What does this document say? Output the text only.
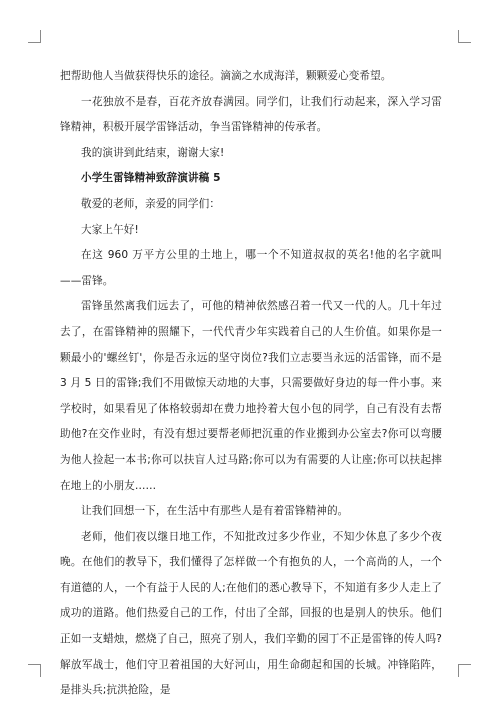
把帮助他人当做获得快乐的途径。滴滴之水成海洋，颗颗爱心变希望。

一花独放不是春，百花齐放春满园。同学们，让我们行动起来，深入学习雷锋精神，积极开展学雷锋活动，争当雷锋精神的传承者。

我的演讲到此结束，谢谢大家!

小学生雷锋精神致辞演讲稿 5

敬爱的老师，亲爱的同学们：

大家上午好!

在这 960 万平方公里的土地上，哪一个不知道叔叔的英名!他的名字就叫——雷锋。

雷锋虽然离我们远去了，可他的精神依然感召着一代又一代的人。几十年过去了，在雷锋精神的照耀下，一代代青少年实践着自己的人生价值。如果你是一颗最小的'螺丝钉'，你是否永远的坚守岗位?我们立志要当永远的活雷锋，而不是 3 月 5 日的雷锋;我们不用做惊天动地的大事，只需要做好身边的每一件小事。来学校时，如果看见了体格较弱却在费力地拎着大包小包的同学，自己有没有去帮助他?在交作业时，有没有想过要帮老师把沉重的作业搬到办公室去?你可以弯腰为他人捡起一本书;你可以扶盲人过马路;你可以为有需要的人让座;你可以扶起摔在地上的小朋友……

让我们回想一下，在生活中有那些人是有着雷锋精神的。

老师，他们夜以继日地工作，不知批改过多少作业，不知少休息了多少个夜晚。在他们的教导下，我们懂得了怎样做一个有抱负的人，一个高尚的人，一个有道德的人，一个有益于人民的人;在他们的悉心教导下，不知道有多少人走上了成功的道路。他们热爱自己的工作，付出了全部，回报的也是别人的快乐。他们正如一支蜡烛，燃烧了自己，照亮了别人，我们辛勤的园丁不正是雷锋的传人吗?解放军战士，他们守卫着祖国的大好河山，用生命砌起和国的长城。冲锋陷阵，是排头兵;抗洪抢险，是
